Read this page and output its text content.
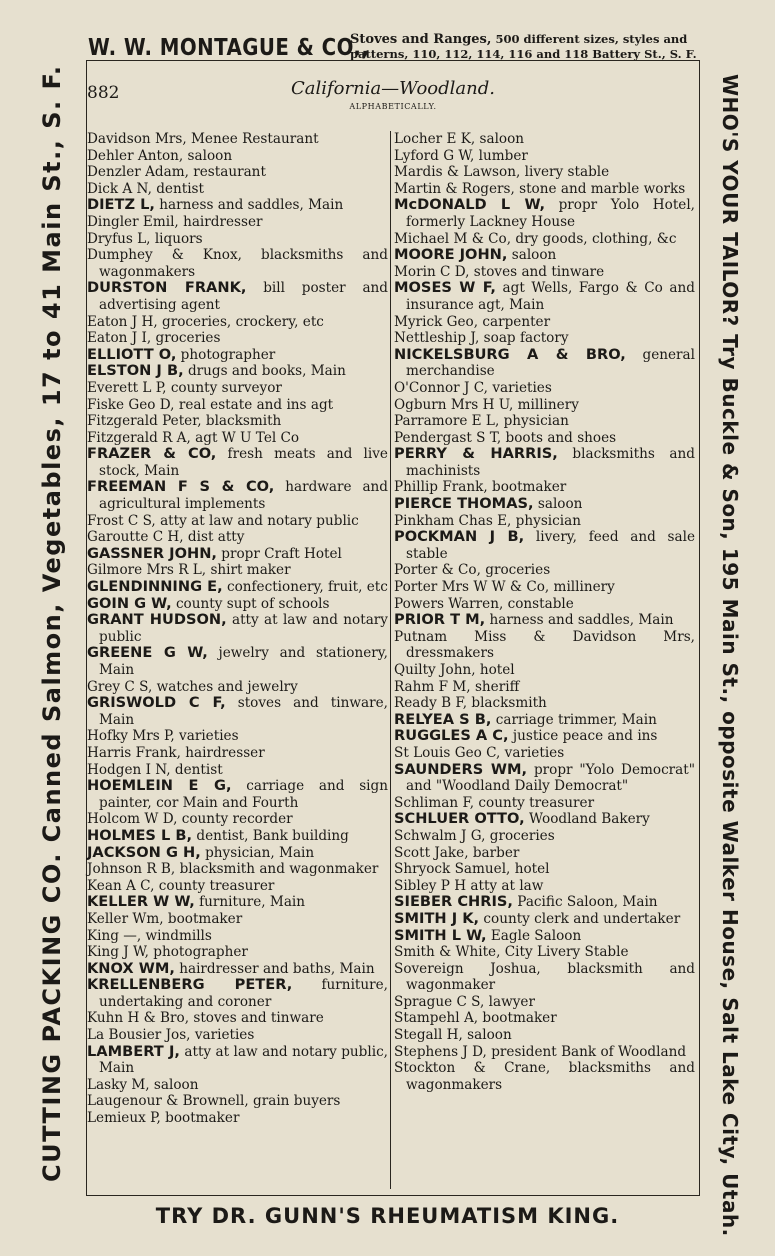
W. W. MONTAGUE & CO.,
Stoves and Ranges, 500 different sizes, styles and patterns, 110, 112, 114, 116 and 118 Battery St., S. F.
CUTTING PACKING CO. Canned Salmon, Vegetables, 17 to 41 Main St., S. F.	WHO'S YOUR TAILOR? Try Buckle & Son, 195 Main St., opposite Walker House, Salt Lake City, Utah.
882	California—Woodland.
ALPHABETICALLY.
Davidson Mrs, Menee Restaurant
Dehler Anton, saloon
Denzler Adam, restaurant
Dick A N, dentist
DIETZ L, harness and saddles, Main
Dingler Emil, hairdresser
Dryfus L, liquors
Dumphey & Knox, blacksmiths and wagonmakers
DURSTON FRANK, bill poster and advertising agent
Eaton J H, groceries, crockery, etc
Eaton J I, groceries
ELLIOTT O, photographer
ELSTON J B, drugs and books, Main
Everett L P, county surveyor
Fiske Geo D, real estate and ins agt
Fitzgerald Peter, blacksmith
Fitzgerald R A, agt W U Tel Co
FRAZER & CO, fresh meats and live stock, Main
FREEMAN F S & CO, hardware and agricultural implements
Frost C S, atty at law and notary public
Garoutte C H, dist atty
GASSNER JOHN, propr Craft Hotel
Gilmore Mrs R L, shirt maker
GLENDINNING E, confectionery, fruit, etc
GOIN G W, county supt of schools
GRANT HUDSON, atty at law and notary public
GREENE G W, jewelry and stationery, Main
Grey C S, watches and jewelry
GRISWOLD C F, stoves and tinware, Main
Hofky Mrs P, varieties
Harris Frank, hairdresser
Hodgen I N, dentist
HOEMLEIN E G, carriage and sign painter, cor Main and Fourth
Holcom W D, county recorder
HOLMES L B, dentist, Bank building
JACKSON G H, physician, Main
Johnson R B, blacksmith and wagonmaker
Kean A C, county treasurer
KELLER W W, furniture, Main
Keller Wm, bootmaker
King —, windmills
King J W, photographer
KNOX WM, hairdresser and baths, Main
KRELLENBERG PETER, furniture, undertaking and coroner
Kuhn H & Bro, stoves and tinware
La Bousier Jos, varieties
LAMBERT J, atty at law and notary public, Main
Lasky M, saloon
Laugenour & Brownell, grain buyers
Lemieux P, bootmaker
Locher E K, saloon
Lyford G W, lumber
Mardis & Lawson, livery stable
Martin & Rogers, stone and marble works
McDONALD L W, propr Yolo Hotel, formerly Lackney House
Michael M & Co, dry goods, clothing, &c
MOORE JOHN, saloon
Morin C D, stoves and tinware
MOSES W F, agt Wells, Fargo & Co and insurance agt, Main
Myrick Geo, carpenter
Nettleship J, soap factory
NICKELSBURG A & BRO, general merchandise
O'Connor J C, varieties
Ogburn Mrs H U, millinery
Parramore E L, physician
Pendergast S T, boots and shoes
PERRY & HARRIS, blacksmiths and machinists
Phillip Frank, bootmaker
PIERCE THOMAS, saloon
Pinkham Chas E, physician
POCKMAN J B, livery, feed and sale stable
Porter & Co, groceries
Porter Mrs W W & Co, millinery
Powers Warren, constable
PRIOR T M, harness and saddles, Main
Putnam Miss & Davidson Mrs, dressmakers
Quilty John, hotel
Rahm F M, sheriff
Ready B F, blacksmith
RELYEA S B, carriage trimmer, Main
RUGGLES A C, justice peace and ins
St Louis Geo C, varieties
SAUNDERS WM, propr "Yolo Democrat" and "Woodland Daily Democrat"
Schliman F, county treasurer
SCHLUER OTTO, Woodland Bakery
Schwalm J G, groceries
Scott Jake, barber
Shryock Samuel, hotel
Sibley P H atty at law
SIEBER CHRIS, Pacific Saloon, Main
SMITH J K, county clerk and undertaker
SMITH L W, Eagle Saloon
Smith & White, City Livery Stable
Sovereign Joshua, blacksmith and wagonmaker
Sprague C S, lawyer
Stampehl A, bootmaker
Stegall H, saloon
Stephens J D, president Bank of Woodland
Stockton & Crane, blacksmiths and wagonmakers
TRY DR. GUNN'S RHEUMATISM KING.
